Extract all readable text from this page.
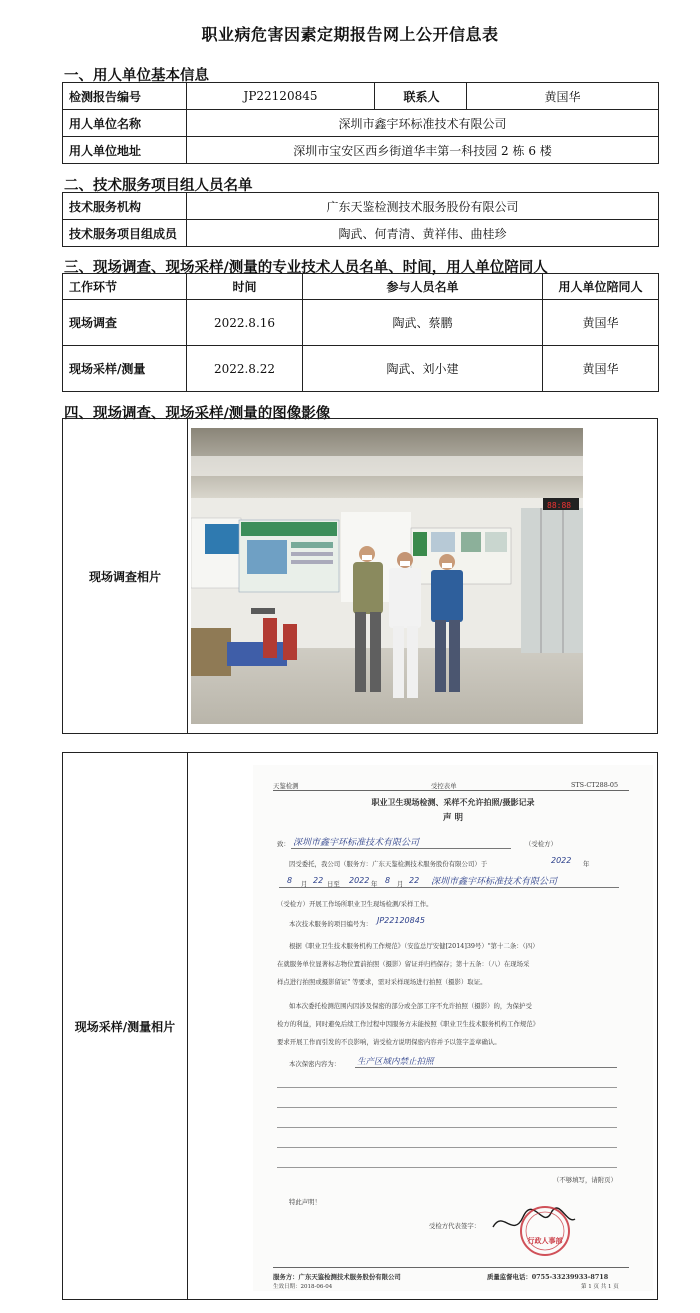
职业病危害因素定期报告网上公开信息表
一、用人单位基本信息
检测报告编号	JP22120845	联系人	黄国华
用人单位名称	深圳市鑫宇环标准技术有限公司		
用人单位地址	深圳市宝安区西乡街道华丰第一科技园 2 栋 6 楼		
二、技术服务项目组人员名单
技术服务机构	广东天鉴检测技术服务股份有限公司
技术服务项目组成员	陶武、何青清、黄祥伟、曲桂珍
三、现场调查、现场采样/测量的专业技术人员名单、时间，用人单位陪同人
工作环节	时间	参与人员名单	用人单位陪同人
现场调查	2022.8.16	陶武、蔡鹏	黄国华
现场采样/测量	2022.8.22	陶武、刘小建	黄国华
四、现场调查、现场采样/测量的图像影像
现场调查相片
88:88
现场采样/测量相片
天鉴检测	受控表单	STS-CT288-05
职业卫生现场检测、采样不允许拍照/摄影记录
声 明
致： 深圳市鑫宇环标准技术有限公司	（受检方）
因受委托，我公司（服务方：广东天鉴检测技术服务股份有限公司）于	2022 年
8 月 22 日至 2022 年 8 月 22 深圳市鑫宇环标准技术有限公司
（受检方）开展工作场所职业卫生现场检测/采样工作。
本次技术服务的项目编号为： JP22120845
根据《职业卫生技术服务机构工作规范》（安监总厅安健[2014]39号）"第十二条：（四）
在就服务单位显著标志物位置前拍照（摄影）留证并归档保存；第十五条：（八）在现场采
样点进行拍照或摄影留证" 等要求，需对采样现场进行拍照（摄影）取证。
如本次委托检测范围内因涉及保密的部分或全部工序不允许拍照（摄影）的，为保护受
检方的利益，同时避免后续工作过程中因服务方未能按照《职业卫生技术服务机构工作规范》
要求开展工作而引发的不良影响，请受检方说明保密内容并予以签字盖章确认。
本次保密内容为： 生产区域内禁止拍照
（不够填写，请附页）
特此声明！
受检方代表签字：
行政人事部
服务方：广东天鉴检测技术服务股份有限公司	质量监督电话：0755-33239933-8718
生效日期：2018-06-04	第 1 页 共 1 页
